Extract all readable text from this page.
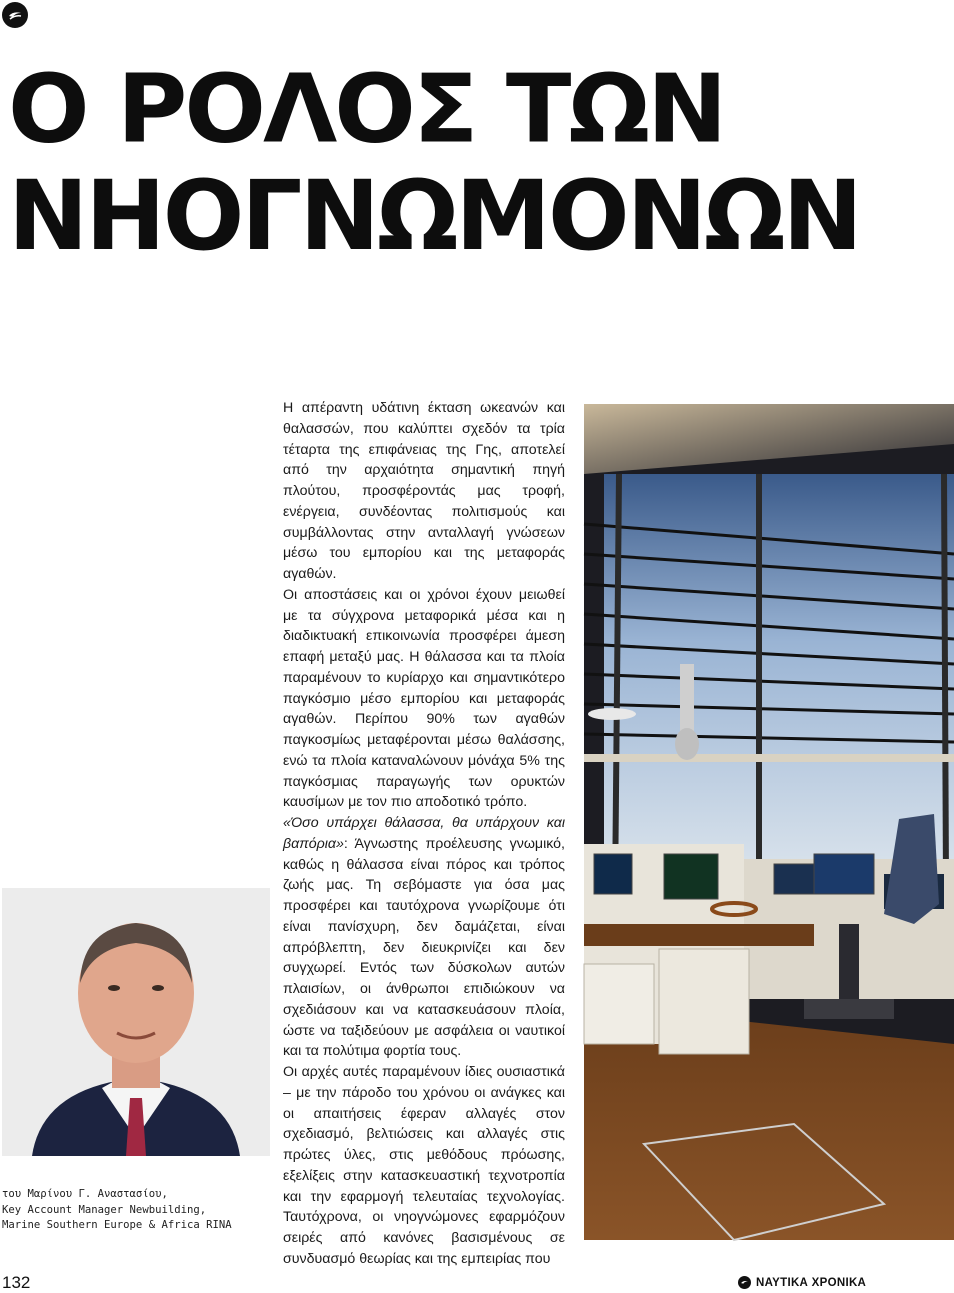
Ο ΡΟΛΟΣ ΤΩΝ
ΝΗΟΓΝΩΜΟΝΩΝ

Η απέραντη υδάτινη έκταση ωκεανών και θαλασσών, που καλύπτει σχεδόν τα τρία τέταρτα της επιφάνειας της Γης, αποτελεί από την αρχαιότητα σημαντική πηγή πλούτου, προσφέροντάς μας τροφή, ενέργεια, συνδέοντας πολιτισμούς και συμβάλλοντας στην ανταλλαγή γνώσεων μέσω του εμπορίου και της μεταφοράς αγαθών.

Οι αποστάσεις και οι χρόνοι έχουν μειωθεί με τα σύγχρονα μεταφορικά μέσα και η διαδικτυακή επικοινωνία προσφέρει άμεση επαφή μεταξύ μας. Η θάλασσα και τα πλοία παραμένουν το κυρίαρχο και σημαντικότερο παγκόσμιο μέσο εμπορίου και μεταφοράς αγαθών. Περίπου 90% των αγαθών παγκοσμίως μεταφέρονται μέσω θαλάσσης, ενώ τα πλοία καταναλώνουν μόνάχα 5% της παγκόσμιας παραγωγής των ορυκτών καυσίμων με τον πιο αποδοτικό τρόπο.

«Όσο υπάρχει θάλασσα, θα υπάρχουν και βαπόρια»: Άγνωστης προέλευσης γνωμικό, καθώς η θάλασσα είναι πόρος και τρόπος ζωής μας. Τη σεβόμαστε για όσα μας προσφέρει και ταυτόχρονα γνωρίζουμε ότι είναι πανίσχυρη, δεν δαμάζεται, είναι απρόβλεπτη, δεν διευκρινίζει και δεν συγχωρεί. Εντός των δύσκολων αυτών πλαισίων, οι άνθρωποι επιδιώκουν να σχεδιάσουν και να κατασκευάσουν πλοία, ώστε να ταξιδεύουν με ασφάλεια οι ναυτικοί και τα πολύτιμα φορτία τους.

Οι αρχές αυτές παραμένουν ίδιες ουσιαστικά – με την πάροδο του χρόνου οι ανάγκες και οι απαιτήσεις έφεραν αλλαγές στον σχεδιασμό, βελτιώσεις και αλλαγές στις πρώτες ύλες, στις μεθόδους πρόωσης, εξελίξεις στην κατασκευαστική τεχνοτροπία και την εφαρμογή τελευταίας τεχνολογίας. Ταυτόχρονα, οι νηογνώμονες εφαρμόζουν σειρές από κανόνες βασισμένους σε συνδυασμό θεωρίας και της εμπειρίας που

του Μαρίνου Γ. Αναστασίου,
Key Account Manager Newbuilding,
Marine Southern Europe & Africa RINA
132	ΝΑΥΤΙΚΑ ΧΡΟΝΙΚΑ
